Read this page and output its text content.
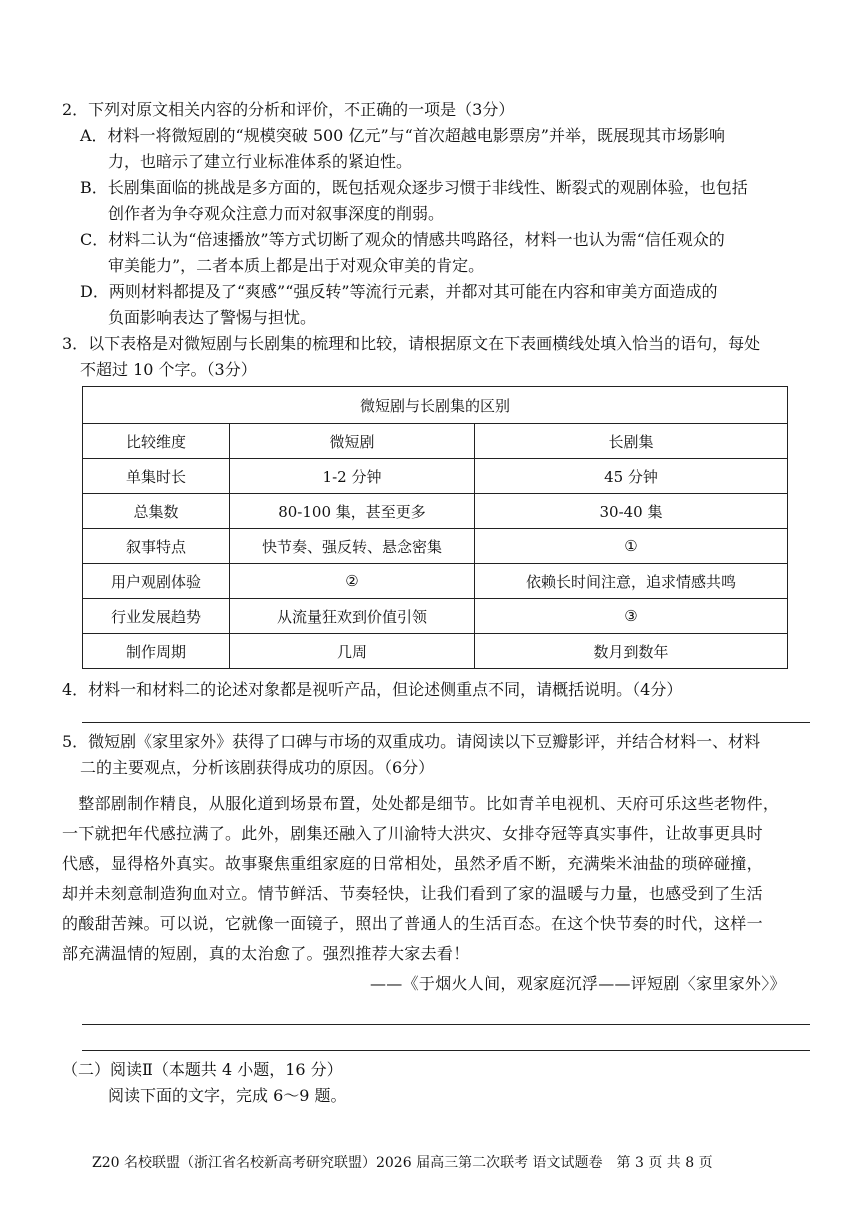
2．下列对原文相关内容的分析和评价，不正确的一项是（3分）
A．材料一将微短剧的“规模突破 500 亿元”与“首次超越电影票房”并举，既展现其市场影响
力，也暗示了建立行业标准体系的紧迫性。
B．长剧集面临的挑战是多方面的，既包括观众逐步习惯于非线性、断裂式的观剧体验，也包括
创作者为争夺观众注意力而对叙事深度的削弱。
C．材料二认为“倍速播放”等方式切断了观众的情感共鸣路径，材料一也认为需“信任观众的
审美能力”，二者本质上都是出于对观众审美的肯定。
D．两则材料都提及了“爽感”“强反转”等流行元素，并都对其可能在内容和审美方面造成的
负面影响表达了警惕与担忧。
3．以下表格是对微短剧与长剧集的梳理和比较，请根据原文在下表画横线处填入恰当的语句，每处
不超过 10 个字。（3分）
微短剧与长剧集的区别		
比较维度	微短剧	长剧集
单集时长	1-2 分钟	45 分钟
总集数	80-100 集，甚至更多	30-40 集
叙事特点	快节奏、强反转、悬念密集	①
用户观剧体验	②	依赖长时间注意，追求情感共鸣
行业发展趋势	从流量狂欢到价值引领	③
制作周期	几周	数月到数年
4．材料一和材料二的论述对象都是视听产品，但论述侧重点不同，请概括说明。（4分）
5．微短剧《家里家外》获得了口碑与市场的双重成功。请阅读以下豆瓣影评，并结合材料一、材料
二的主要观点，分析该剧获得成功的原因。（6分）
　整部剧制作精良，从服化道到场景布置，处处都是细节。比如青羊电视机、天府可乐这些老物件，
一下就把年代感拉满了。此外，剧集还融入了川渝特大洪灾、女排夺冠等真实事件，让故事更具时
代感，显得格外真实。故事聚焦重组家庭的日常相处，虽然矛盾不断，充满柴米油盐的琐碎碰撞，
却并未刻意制造狗血对立。情节鲜活、节奏轻快，让我们看到了家的温暖与力量，也感受到了生活
的酸甜苦辣。可以说，它就像一面镜子，照出了普通人的生活百态。在这个快节奏的时代，这样一
部充满温情的短剧，真的太治愈了。强烈推荐大家去看！
——《于烟火人间，观家庭沉浮——评短剧〈家里家外〉》
（二）阅读Ⅱ（本题共 4 小题，16 分）
阅读下面的文字，完成 6～9 题。
Z20 名校联盟（浙江省名校新高考研究联盟）2026 届高三第二次联考 语文试题卷　第 3 页 共 8 页
